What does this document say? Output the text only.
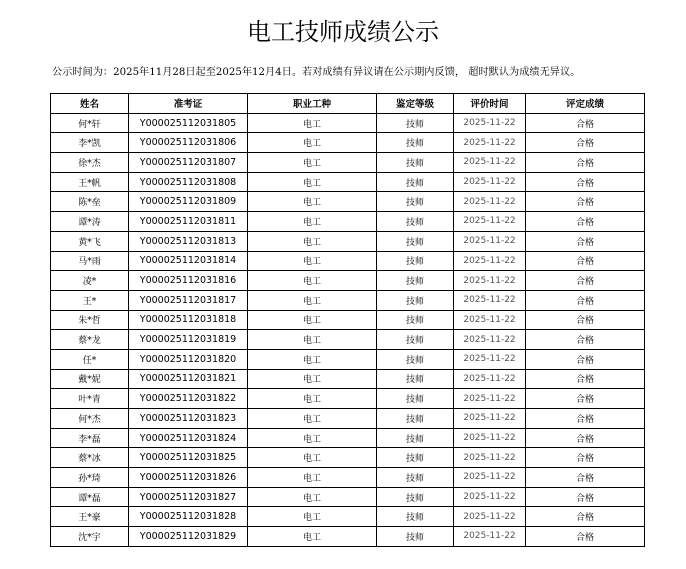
电工技师成绩公示
公示时间为：2025年11月28日起至2025年12月4日。若对成绩有异议请在公示期内反馈， 超时默认为成绩无异议。
姓名	准考证	职业工种	鉴定等级	评价时间	评定成绩
何*轩	Y000025112031805	电工	技师	2025-11-22	合格
李*凯	Y000025112031806	电工	技师	2025-11-22	合格
徐*杰	Y000025112031807	电工	技师	2025-11-22	合格
王*帆	Y000025112031808	电工	技师	2025-11-22	合格
陈*垒	Y000025112031809	电工	技师	2025-11-22	合格
谭*涛	Y000025112031811	电工	技师	2025-11-22	合格
黄*飞	Y000025112031813	电工	技师	2025-11-22	合格
马*雨	Y000025112031814	电工	技师	2025-11-22	合格
凌*	Y000025112031816	电工	技师	2025-11-22	合格
王*	Y000025112031817	电工	技师	2025-11-22	合格
朱*哲	Y000025112031818	电工	技师	2025-11-22	合格
蔡*龙	Y000025112031819	电工	技师	2025-11-22	合格
任*	Y000025112031820	电工	技师	2025-11-22	合格
戴*妮	Y000025112031821	电工	技师	2025-11-22	合格
叶*青	Y000025112031822	电工	技师	2025-11-22	合格
何*杰	Y000025112031823	电工	技师	2025-11-22	合格
李*磊	Y000025112031824	电工	技师	2025-11-22	合格
蔡*冰	Y000025112031825	电工	技师	2025-11-22	合格
孙*琦	Y000025112031826	电工	技师	2025-11-22	合格
谭*磊	Y000025112031827	电工	技师	2025-11-22	合格
王*豪	Y000025112031828	电工	技师	2025-11-22	合格
沈*宇	Y000025112031829	电工	技师	2025-11-22	合格
